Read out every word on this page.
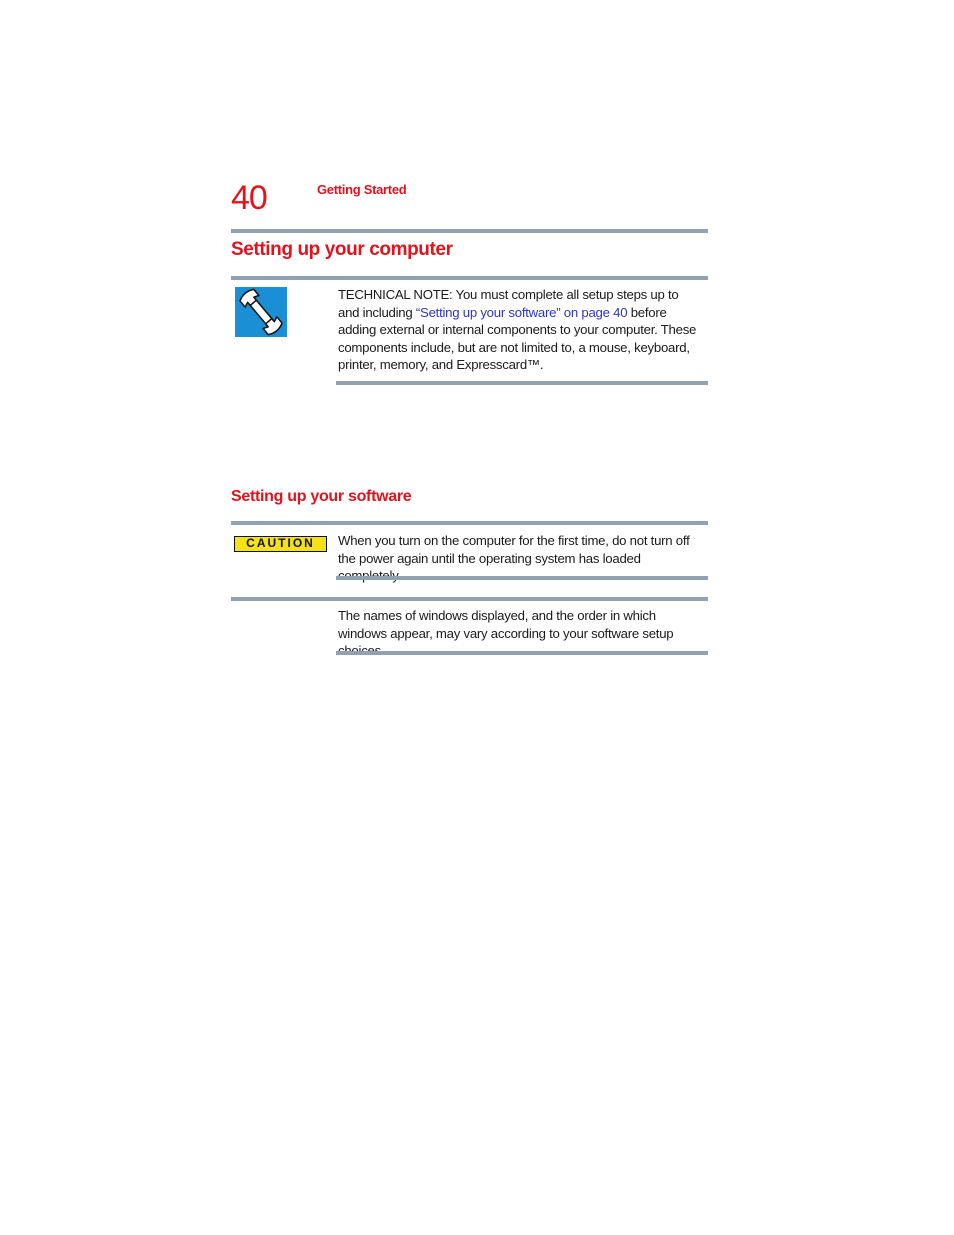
40	Getting Started
Setting up your computer
TECHNICAL NOTE: You must complete all setup steps up to and including “Setting up your software” on page 40 before adding external or internal components to your computer. These components include, but are not limited to, a mouse, keyboard, printer, memory, and Expresscard™.
Setting up your software
CAUTION	When you turn on the computer for the first time, do not turn off the power again until the operating system has loaded
The names of windows displayed, and the order in which windows appear, may vary according to your software setup
